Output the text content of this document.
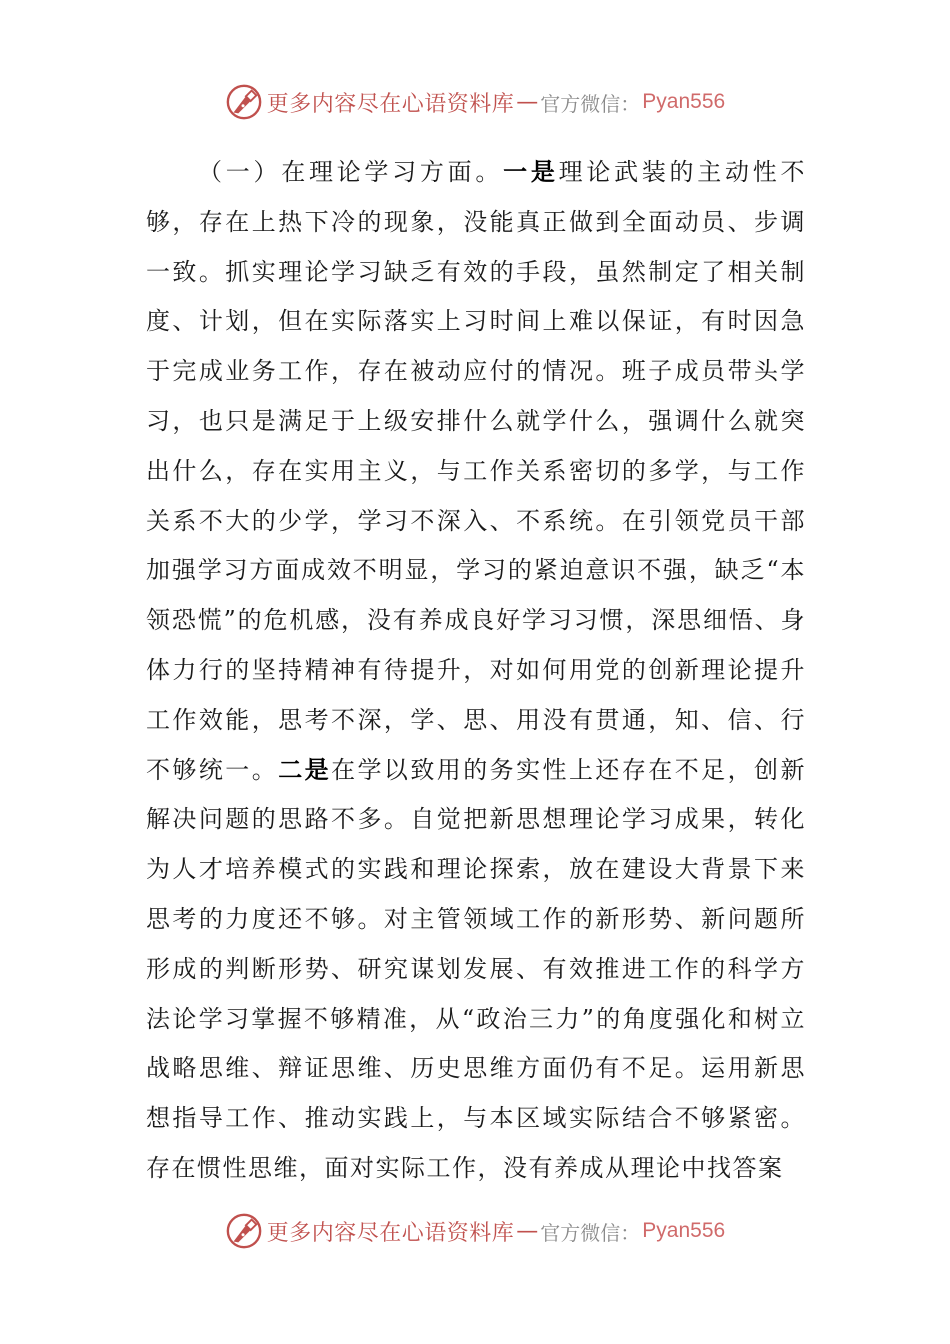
更多内容尽在心语资料库 — 官方微信： Pyan556

（一）在理论学习方面。一是理论武装的主动性不够，存在上热下冷的现象，没能真正做到全面动员、步调一致。抓实理论学习缺乏有效的手段，虽然制定了相关制度、计划，但在实际落实上习时间上难以保证，有时因急于完成业务工作，存在被动应付的情况。班子成员带头学习，也只是满足于上级安排什么就学什么，强调什么就突出什么，存在实用主义，与工作关系密切的多学，与工作关系不大的少学，学习不深入、不系统。在引领党员干部加强学习方面成效不明显，学习的紧迫意识不强，缺乏“本领恐慌”的危机感，没有养成良好学习习惯，深思细悟、身体力行的坚持精神有待提升，对如何用党的创新理论提升工作效能，思考不深，学、思、用没有贯通，知、信、行不够统一。二是在学以致用的务实性上还存在不足，创新解决问题的思路不多。自觉把新思想理论学习成果，转化为人才培养模式的实践和理论探索，放在建设大背景下来思考的力度还不够。对主管领域工作的新形势、新问题所形成的判断形势、研究谋划发展、有效推进工作的科学方法论学习掌握不够精准，从“政治三力”的角度强化和树立战略思维、辩证思维、历史思维方面仍有不足。运用新思想指导工作、推动实践上，与本区域实际结合不够紧密。存在惯性思维，面对实际工作，没有养成从理论中找答案

更多内容尽在心语资料库 — 官方微信： Pyan556
